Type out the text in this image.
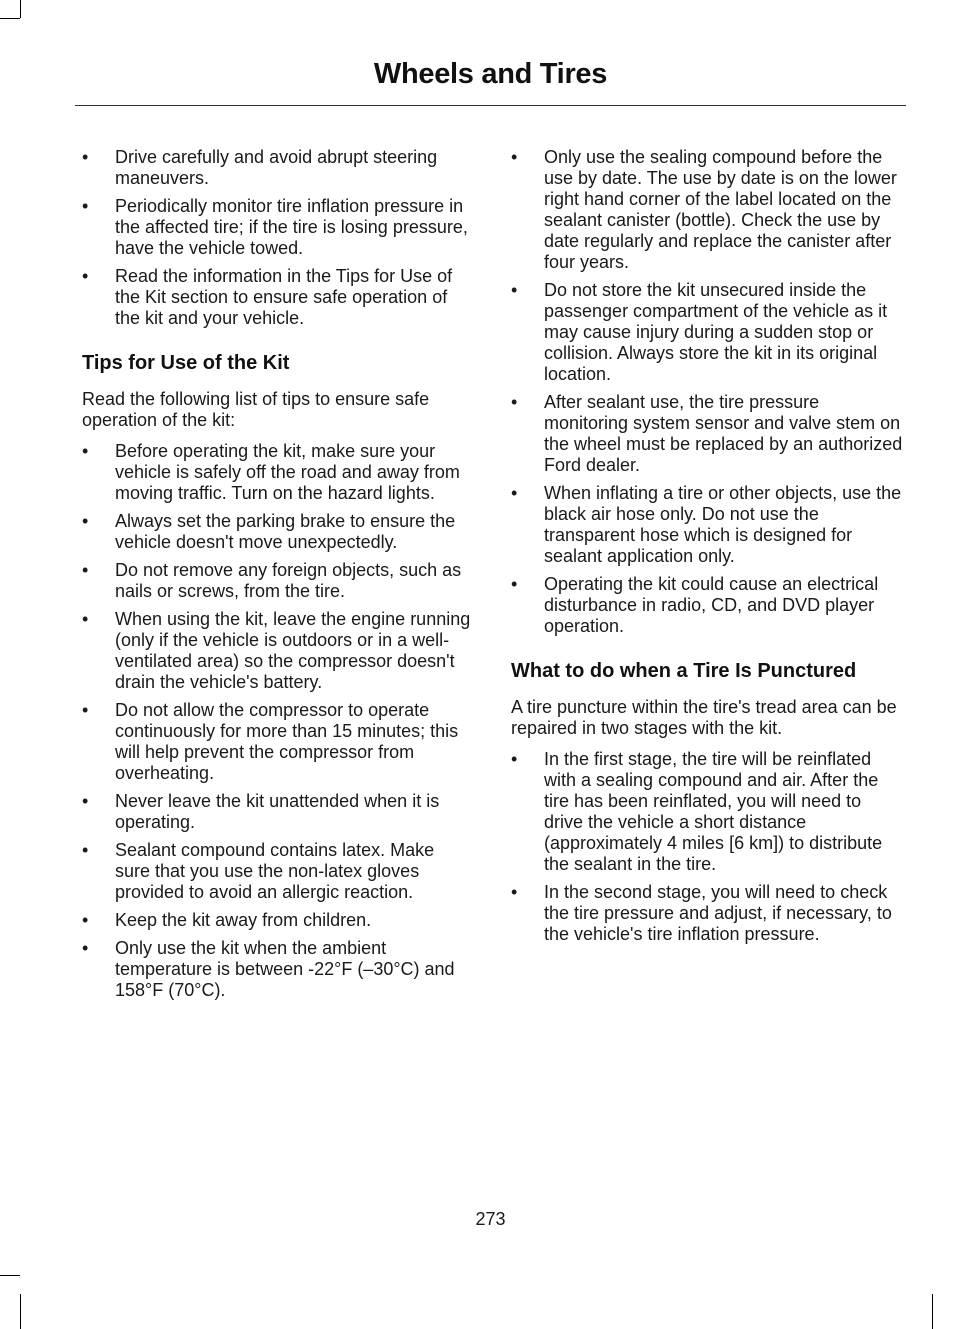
Wheels and Tires
• Drive carefully and avoid abrupt steering maneuvers.
• Periodically monitor tire inflation pressure in the affected tire; if the tire is losing pressure, have the vehicle towed.
• Read the information in the Tips for Use of the Kit section to ensure safe operation of the kit and your vehicle.
Tips for Use of the Kit

Read the following list of tips to ensure safe operation of the kit:

• Before operating the kit, make sure your vehicle is safely off the road and away from moving traffic. Turn on the hazard lights.
• Always set the parking brake to ensure the vehicle doesn't move unexpectedly.
• Do not remove any foreign objects, such as nails or screws, from the tire.
• When using the kit, leave the engine running (only if the vehicle is outdoors or in a well-ventilated area) so the compressor doesn't drain the vehicle's battery.
• Do not allow the compressor to operate continuously for more than 15 minutes; this will help prevent the compressor from overheating.
• Never leave the kit unattended when it is operating.
• Sealant compound contains latex. Make sure that you use the non-latex gloves provided to avoid an allergic reaction.
• Keep the kit away from children.
• Only use the kit when the ambient temperature is between -22°F (–30°C) and 158°F (70°C).
• Only use the sealing compound before the use by date. The use by date is on the lower right hand corner of the label located on the sealant canister (bottle). Check the use by date regularly and replace the canister after four years.
• Do not store the kit unsecured inside the passenger compartment of the vehicle as it may cause injury during a sudden stop or collision. Always store the kit in its original location.
• After sealant use, the tire pressure monitoring system sensor and valve stem on the wheel must be replaced by an authorized Ford dealer.
• When inflating a tire or other objects, use the black air hose only. Do not use the transparent hose which is designed for sealant application only.
• Operating the kit could cause an electrical disturbance in radio, CD, and DVD player operation.
What to do when a Tire Is Punctured

A tire puncture within the tire's tread area can be repaired in two stages with the kit.

• In the first stage, the tire will be reinflated with a sealing compound and air. After the tire has been reinflated, you will need to drive the vehicle a short distance (approximately 4 miles [6 km]) to distribute the sealant in the tire.
• In the second stage, you will need to check the tire pressure and adjust, if necessary, to the vehicle's tire inflation pressure.
273
